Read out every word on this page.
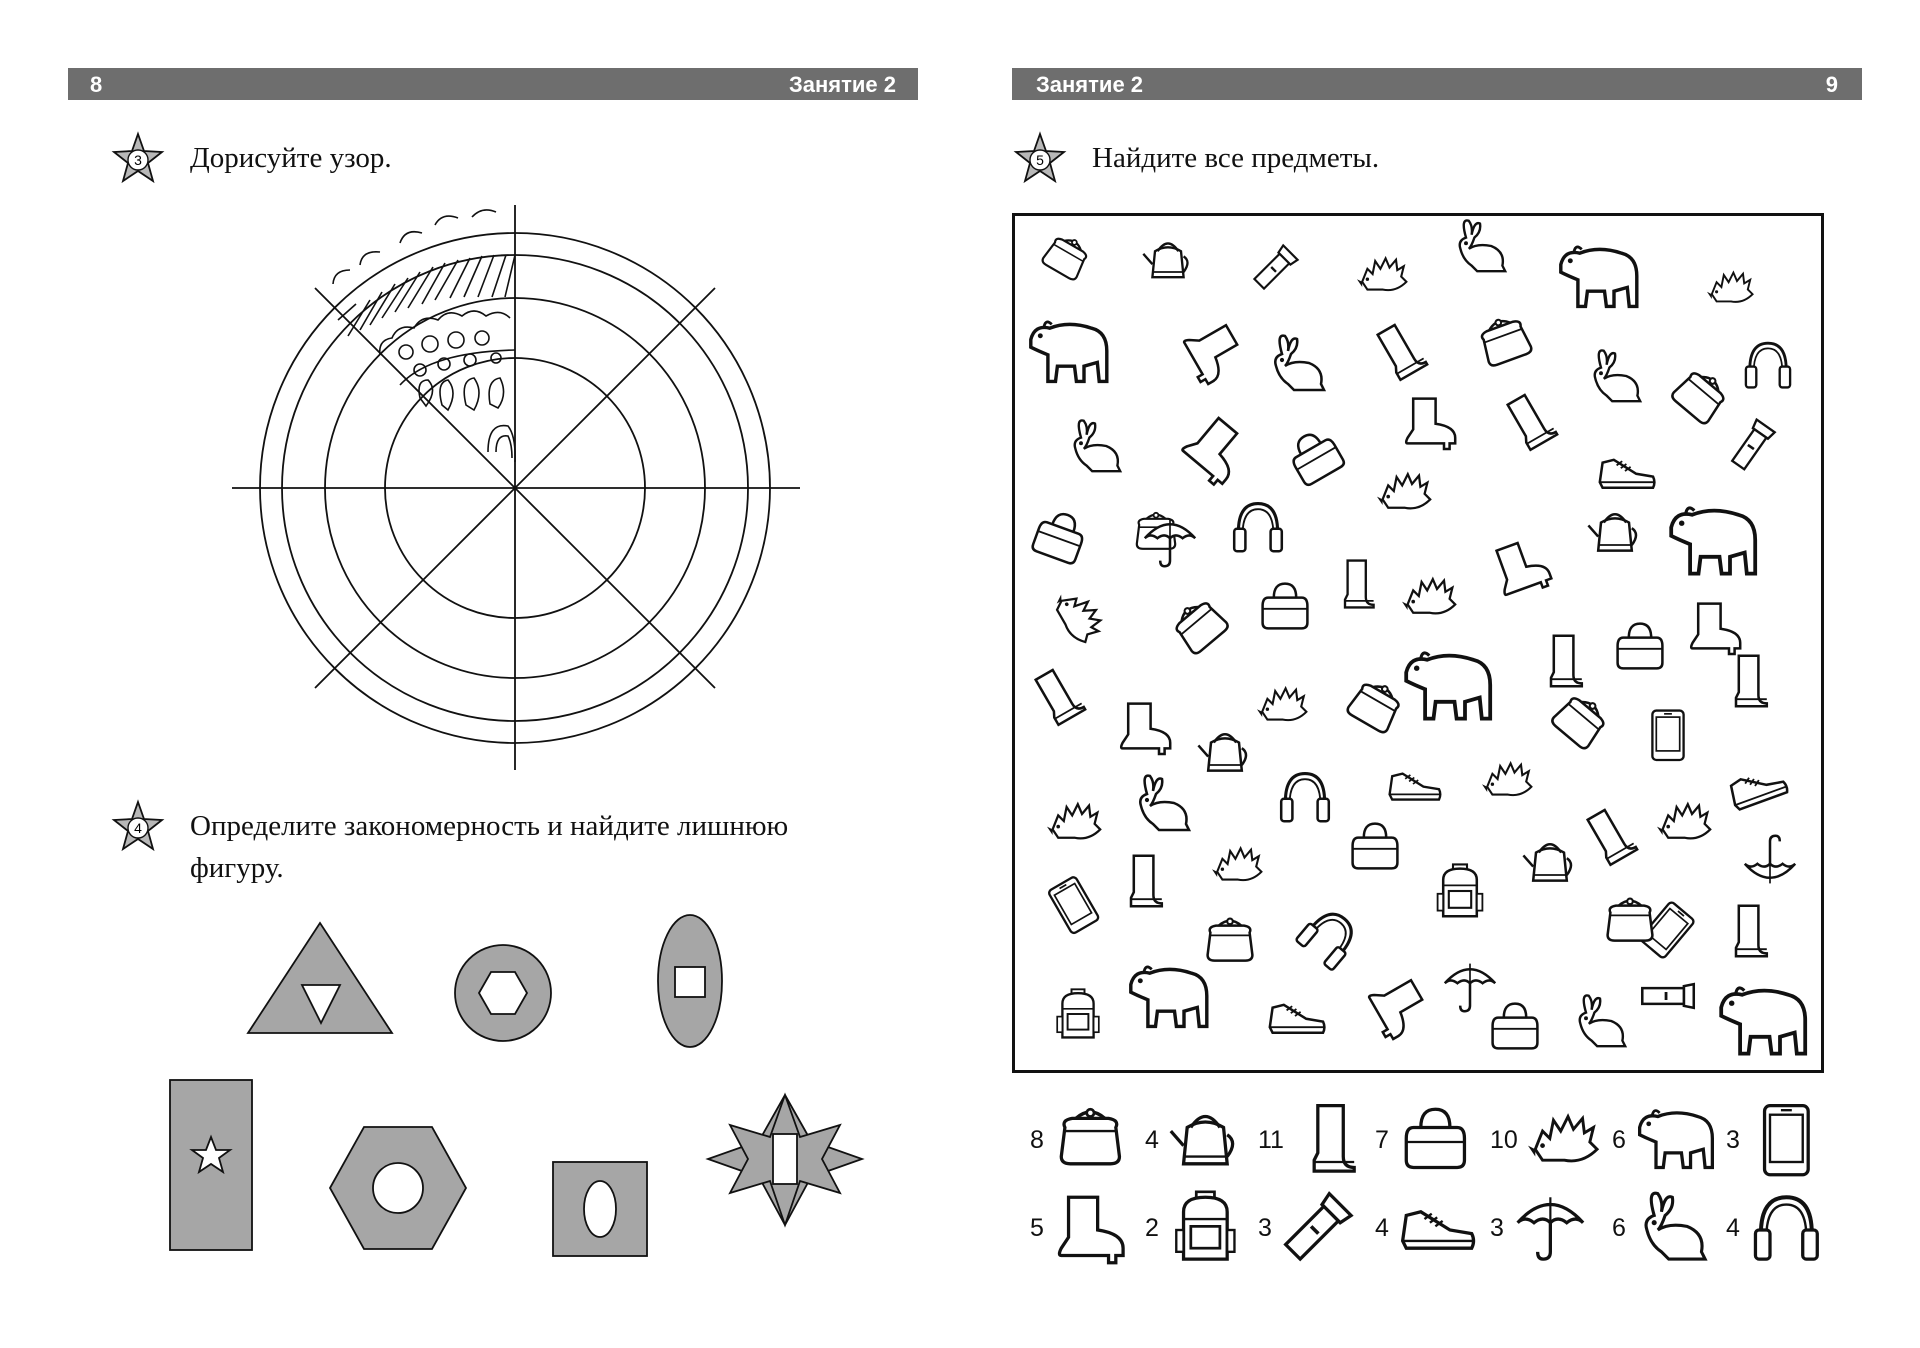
8	Занятие 2
3 Дорисуйте узор.
4 Определите закономерность и найдите лишнюю
фигуру.
Занятие 2	9
5 Найдите все предметы.
8	4	11	7	10	6	3
5	2	3	4	3	6	4
